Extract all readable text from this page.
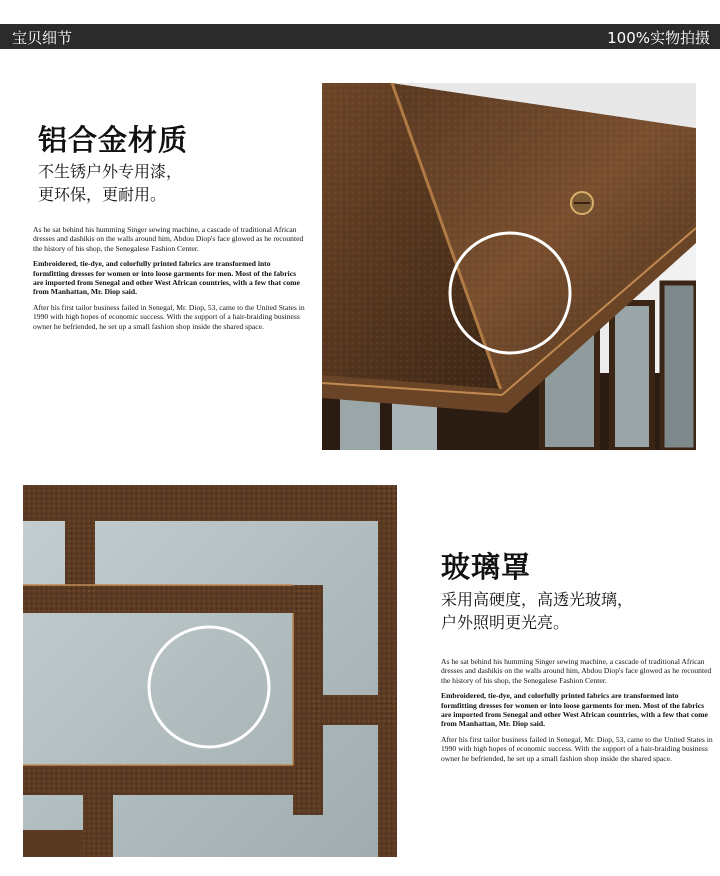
宝贝细节	100%实物拍摄
铝合金材质
不生锈户外专用漆，
更环保，更耐用。

As he sat behind his humming Singer sewing machine, a cascade of traditional African dresses and dashikis on the walls around him, Abdou Diop's face glowed as he recounted the history of his shop, the Senegalese Fashion Center.

Embroidered, tie-dye, and colorfully printed fabrics are transformed into formfitting dresses for women or into loose garments for men. Most of the fabrics are imported from Senegal and other West African countries, with a few that come from Manhattan, Mr. Diop said.

After his first tailor business failed in Senegal, Mr. Diop, 53, came to the United States in 1990 with high hopes of economic success. With the support of a hair-braiding business owner he befriended, he set up a small fashion shop inside the shared space.

玻璃罩
采用高硬度，高透光玻璃，
户外照明更光亮。

As he sat behind his humming Singer sewing machine, a cascade of traditional African dresses and dashikis on the walls around him, Abdou Diop's face glowed as he recounted the history of his shop, the Senegalese Fashion Center.

Embroidered, tie-dye, and colorfully printed fabrics are transformed into formfitting dresses for women or into loose garments for men. Most of the fabrics are imported from Senegal and other West African countries, with a few that come from Manhattan, Mr. Diop said.

After his first tailor business failed in Senegal, Mr. Diop, 53, came to the United States in 1990 with high hopes of economic success. With the support of a hair-braiding business owner he befriended, he set up a small fashion shop inside the shared space.
